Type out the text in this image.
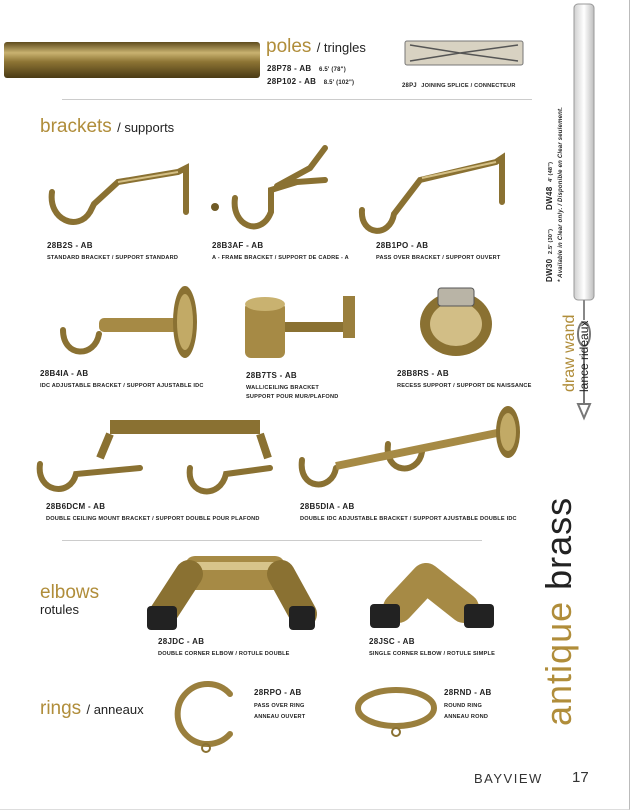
poles / tringles
28P78 - AB 6.5' (78")
28P102 - AB 8.5' (102")	28PJ JOINING SPLICE / CONNECTEUR
brackets / supports
28B2S - AB
STANDARD BRACKET / SUPPORT STANDARD
28B3AF - AB
A - FRAME BRACKET / SUPPORT DE CADRE - A
28B1PO - AB
PASS OVER BRACKET / SUPPORT OUVERT
28B4IA - AB
IDC ADJUSTABLE BRACKET / SUPPORT AJUSTABLE IDC
28B7TS - AB
WALL/CEILING BRACKET
SUPPORT POUR MUR/PLAFOND
28B8RS - AB
RECESS SUPPORT / SUPPORT DE NAISSANCE
28B6DCM - AB
DOUBLE CEILING MOUNT BRACKET / SUPPORT DOUBLE POUR PLAFOND
28B5DIA - AB
DOUBLE IDC ADJUSTABLE BRACKET / SUPPORT AJUSTABLE DOUBLE IDC
elbows
rotules
28JDC - AB
DOUBLE CORNER ELBOW / ROTULE DOUBLE
28JSC - AB
SINGLE CORNER ELBOW / ROTULE SIMPLE
rings / anneaux
28RPO - AB
PASS OVER RING
ANNEAU OUVERT
28RND - AB
ROUND RING
ANNEAU ROND
draw wand lance rideaux
DW30 2.5' (30")  DW48 4' (48") * Available in Clear only. / Disponible en Clear seulement.
antique brass
BAYVIEW 17
